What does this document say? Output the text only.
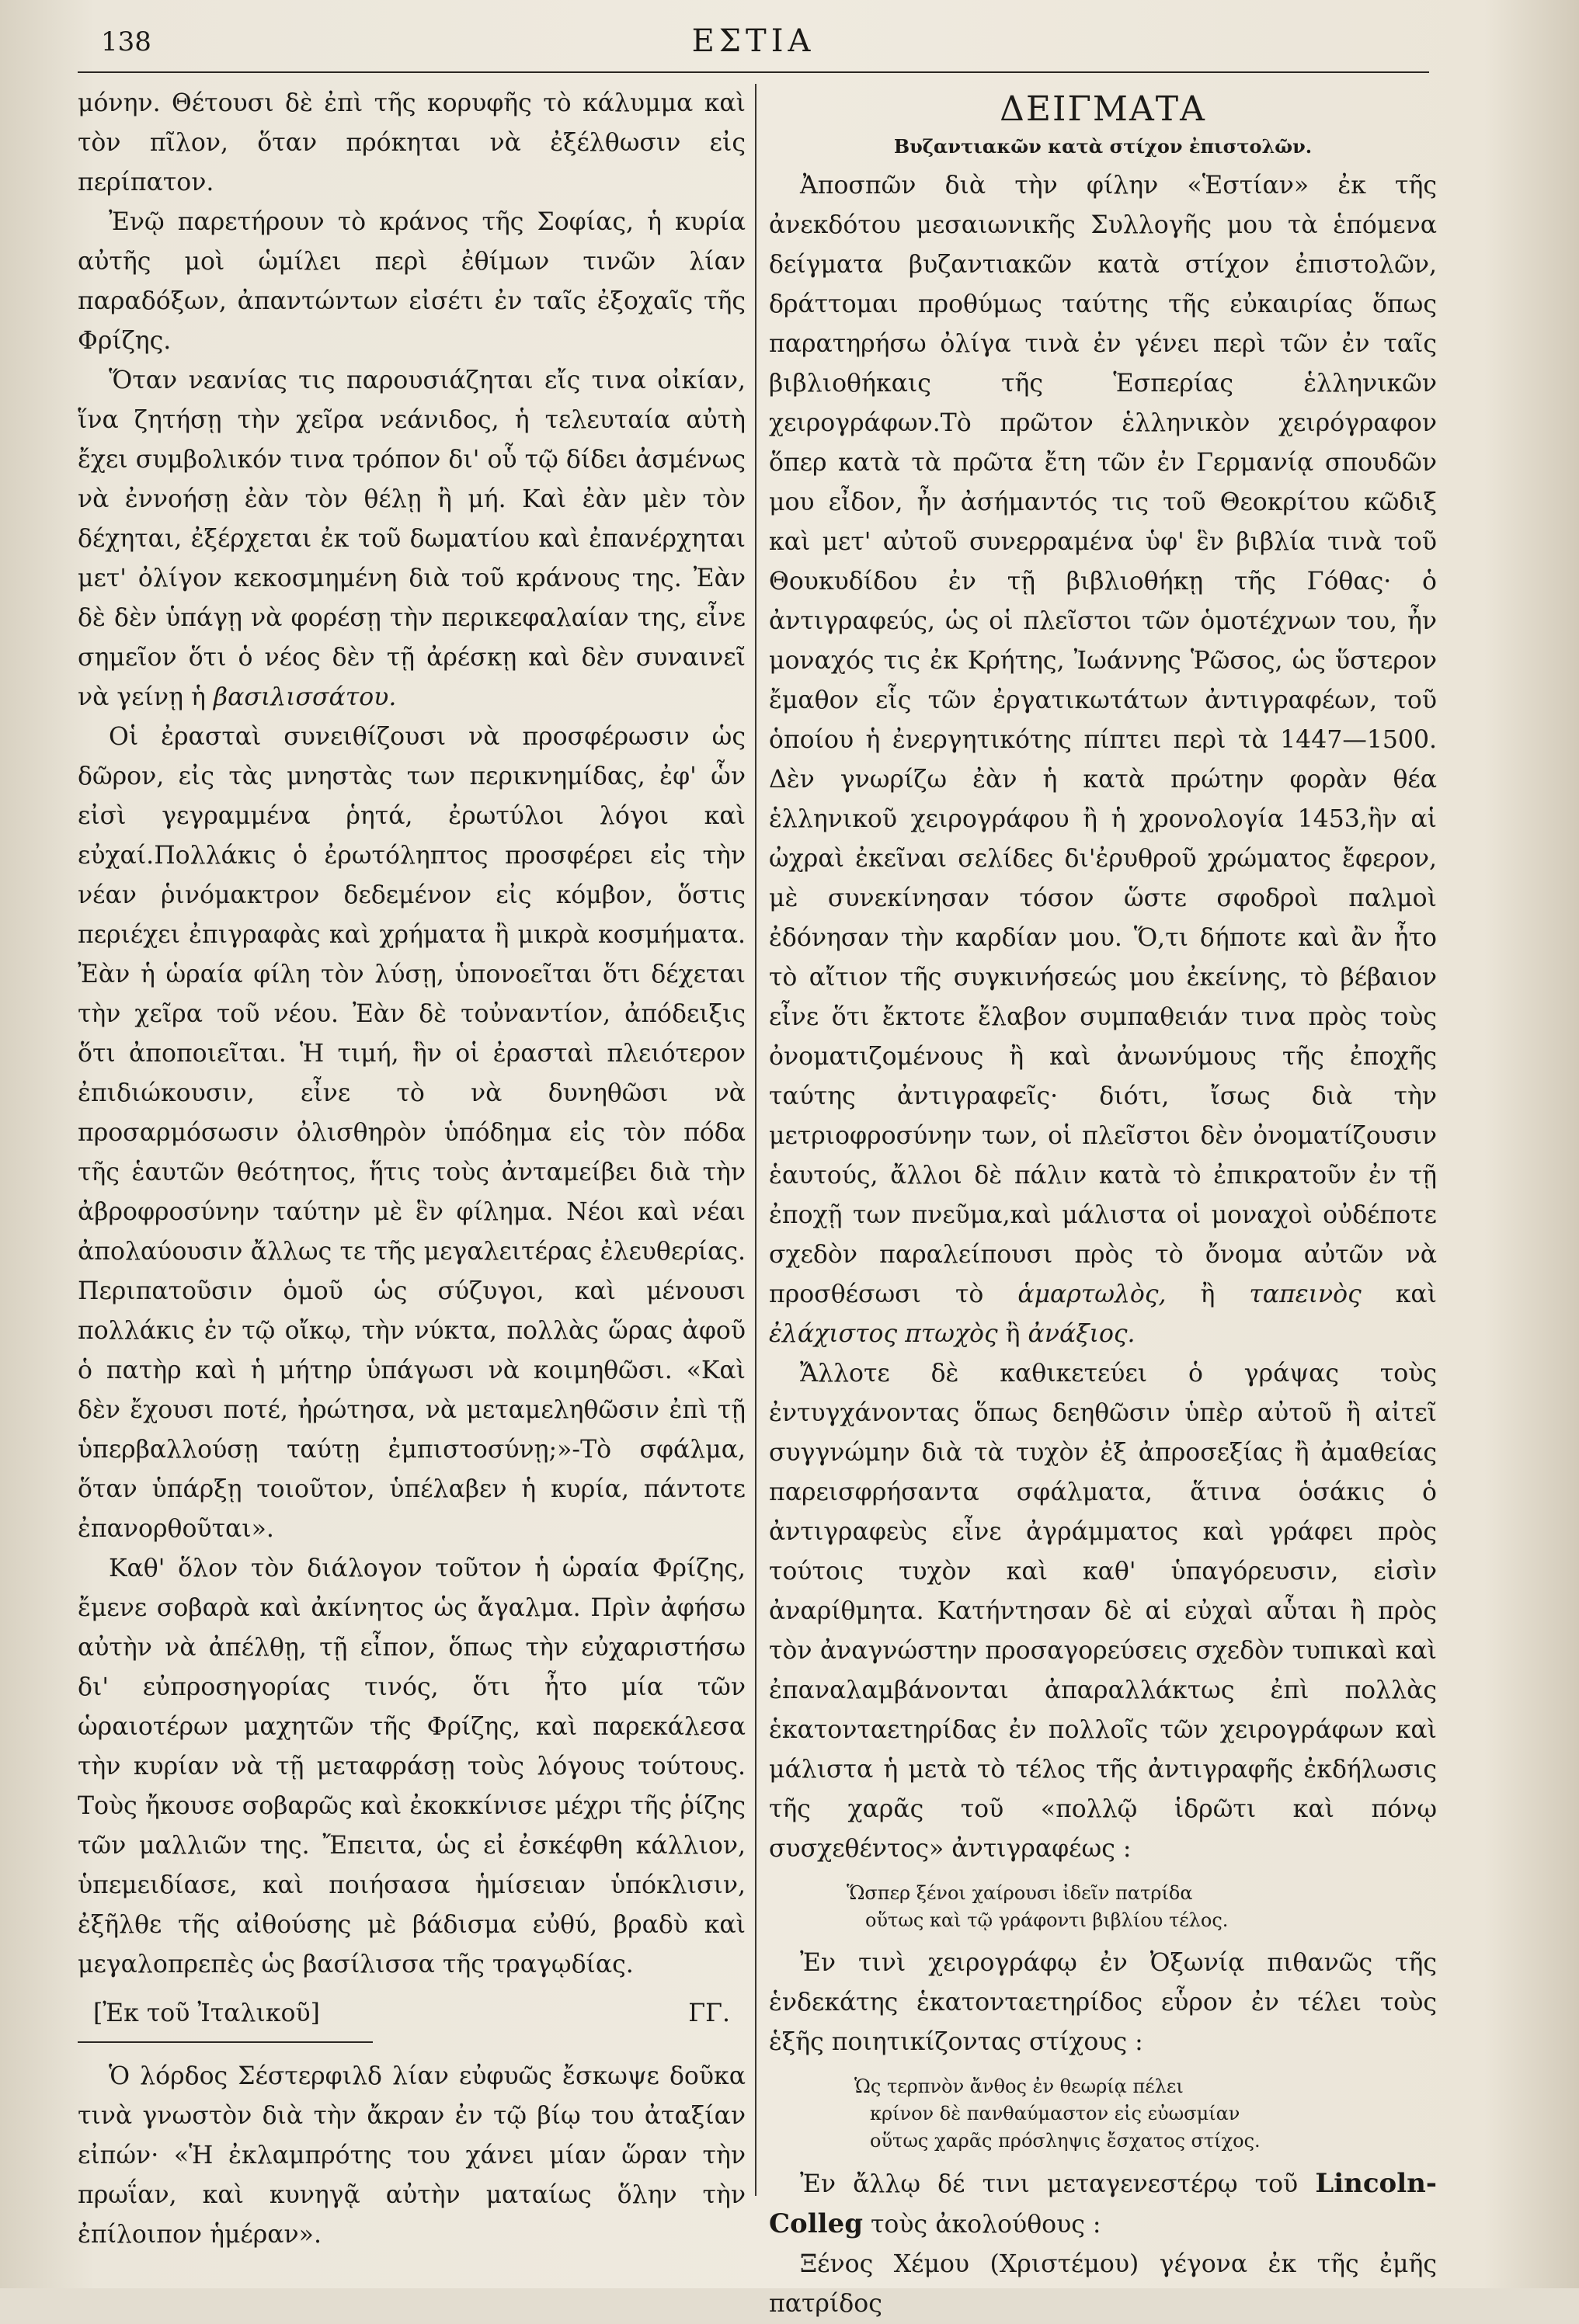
138	ΕΣΤΙΑ

μόνην. Θέτουσι δὲ ἐπὶ τῆς κορυφῆς τὸ κάλυμμα καὶ τὸν πῖλον, ὅταν πρόκηται νὰ ἐξέλθωσιν εἰς περίπατον.

Ἐνῷ παρετήρουν τὸ κράνος τῆς Σοφίας, ἡ κυρία αὐτῆς μοὶ ὡμίλει περὶ ἐθίμων τινῶν λίαν παραδόξων, ἀπαντώντων εἰσέτι ἐν ταῖς ἐξοχαῖς τῆς Φρίζης.

Ὅταν νεανίας τις παρουσιάζηται εἴς τινα οἰκίαν, ἵνα ζητήσῃ τὴν χεῖρα νεάνιδος, ἡ τελευταία αὐτὴ ἔχει συμβολικόν τινα τρόπον δι' οὗ τῷ δίδει ἀσμένως νὰ ἐννοήσῃ ἐὰν τὸν θέλῃ ἢ μή. Καὶ ἐὰν μὲν τὸν δέχηται, ἐξέρχεται ἐκ τοῦ δωματίου καὶ ἐπανέρχηται μετ' ὀλίγον κεκοσμημένη διὰ τοῦ κράνους της. Ἐὰν δὲ δὲν ὑπάγῃ νὰ φορέσῃ τὴν περικεφαλαίαν της, εἶνε σημεῖον ὅτι ὁ νέος δὲν τῇ ἀρέσκῃ καὶ δὲν συναινεῖ νὰ γείνῃ ἡ βασιλισσάτου.

Οἱ ἐρασταὶ συνειθίζουσι νὰ προσφέρωσιν ὡς δῶρον, εἰς τὰς μνηστὰς των περικνημίδας, ἐφ' ὧν εἰσὶ γεγραμμένα ῥητά, ἐρωτύλοι λόγοι καὶ εὐχαί.Πολλάκις ὁ ἐρωτόληπτος προσφέρει εἰς τὴν νέαν ῥινόμακτρον δεδεμένον εἰς κόμβον, ὅστις περιέχει ἐπιγραφὰς καὶ χρήματα ἢ μικρὰ κοσμήματα. Ἐὰν ἡ ὡραία φίλη τὸν λύσῃ, ὑπονοεῖται ὅτι δέχεται τὴν χεῖρα τοῦ νέου. Ἐὰν δὲ τοὐναντίον, ἀπόδειξις ὅτι ἀποποιεῖται. Ἡ τιμή, ἣν οἱ ἐρασταὶ πλειότερον ἐπιδιώκουσιν, εἶνε τὸ νὰ δυνηθῶσι νὰ προσαρμόσωσιν ὀλισθηρὸν ὑπόδημα εἰς τὸν πόδα τῆς ἑαυτῶν θεότητος, ἥτις τοὺς ἀνταμείβει διὰ τὴν ἀβροφροσύνην ταύτην μὲ ἓν φίλημα. Νέοι καὶ νέαι ἀπολαύουσιν ἄλλως τε τῆς μεγαλειτέρας ἐλευθερίας. Περιπατοῦσιν ὁμοῦ ὡς σύζυγοι, καὶ μένουσι πολλάκις ἐν τῷ οἴκῳ, τὴν νύκτα, πολλὰς ὥρας ἀφοῦ ὁ πατὴρ καὶ ἡ μήτηρ ὑπάγωσι νὰ κοιμηθῶσι. «Καὶ δὲν ἔχουσι ποτέ, ἠρώτησα, νὰ μεταμεληθῶσιν ἐπὶ τῇ ὑπερβαλλούσῃ ταύτῃ ἐμπιστοσύνῃ;»-Τὸ σφάλμα, ὅταν ὑπάρξῃ τοιοῦτον, ὑπέλαβεν ἡ κυρία, πάντοτε ἐπανορθοῦται».

Καθ' ὅλον τὸν διάλογον τοῦτον ἡ ὡραία Φρίζης, ἔμενε σοβαρὰ καὶ ἀκίνητος ὡς ἄγαλμα. Πρὶν ἀφήσω αὐτὴν νὰ ἀπέλθῃ, τῇ εἶπον, ὅπως τὴν εὐχαριστήσω δι' εὐπροσηγορίας τινός, ὅτι ἦτο μία τῶν ὡραιοτέρων μαχητῶν τῆς Φρίζης, καὶ παρεκάλεσα τὴν κυρίαν νὰ τῇ μεταφράσῃ τοὺς λόγους τούτους. Τοὺς ἤκουσε σοβαρῶς καὶ ἐκοκκίνισε μέχρι τῆς ῥίζης τῶν μαλλιῶν της. Ἔπειτα, ὡς εἰ ἐσκέφθη κάλλιον, ὑπεμειδίασε, καὶ ποιήσασα ἡμίσειαν ὑπόκλισιν, ἐξῆλθε τῆς αἰθούσης μὲ βάδισμα εὐθύ, βραδὺ καὶ μεγαλοπρεπὲς ὡς βασίλισσα τῆς τραγῳδίας.

[Ἐκ τοῦ Ἰταλικοῦ]	ΓΓ.

Ὁ λόρδος Σέστερφιλδ λίαν εὐφυῶς ἔσκωψε δοῦκα τινὰ γνωστὸν διὰ τὴν ἄκραν ἐν τῷ βίῳ του ἀταξίαν εἰπών· «Ἡ ἐκλαμπρότης του χάνει μίαν ὥραν τὴν πρωΐαν, καὶ κυνηγᾷ αὐτὴν ματαίως ὅλην τὴν ἐπίλοιπον ἡμέραν».

ΔΕΙΓΜΑΤΑ
Βυζαντιακῶν κατὰ στίχον ἐπιστολῶν.

Ἀποσπῶν διὰ τὴν φίλην «Ἑστίαν» ἐκ τῆς ἀνεκδότου μεσαιωνικῆς Συλλογῆς μου τὰ ἑπόμενα δείγματα βυζαντιακῶν κατὰ στίχον ἐπιστολῶν, δράττομαι προθύμως ταύτης τῆς εὐκαιρίας ὅπως παρατηρήσω ὀλίγα τινὰ ἐν γένει περὶ τῶν ἐν ταῖς βιβλιοθήκαις τῆς Ἑσπερίας ἑλληνικῶν χειρογράφων.Τὸ πρῶτον ἑλληνικὸν χειρόγραφον ὅπερ κατὰ τὰ πρῶτα ἔτη τῶν ἐν Γερμανίᾳ σπουδῶν μου εἶδον, ἦν ἀσήμαντός τις τοῦ Θεοκρίτου κῶδιξ καὶ μετ' αὐτοῦ συνερραμένα ὑφ' ἓν βιβλία τινὰ τοῦ Θουκυδίδου ἐν τῇ βιβλιοθήκῃ τῆς Γόθας· ὁ ἀντιγραφεύς, ὡς οἱ πλεῖστοι τῶν ὁμοτέχνων του, ἦν μοναχός τις ἐκ Κρήτης, Ἰωάννης Ῥῶσος, ὡς ὕστερον ἔμαθον εἷς τῶν ἐργατικωτάτων ἀντιγραφέων, τοῦ ὁποίου ἡ ἐνεργητικότης πίπτει περὶ τὰ 1447—1500. Δὲν γνωρίζω ἐὰν ἡ κατὰ πρώτην φορὰν θέα ἑλληνικοῦ χειρογράφου ἢ ἡ χρονολογία 1453,ἣν αἱ ὠχραὶ ἐκεῖναι σελίδες δι'ἐρυθροῦ χρώματος ἔφερον, μὲ συνεκίνησαν τόσον ὥστε σφοδροὶ παλμοὶ ἐδόνησαν τὴν καρδίαν μου. Ὅ,τι δήποτε καὶ ἂν ἦτο τὸ αἴτιον τῆς συγκινήσεώς μου ἐκείνης, τὸ βέβαιον εἶνε ὅτι ἔκτοτε ἔλαβον συμπαθειάν τινα πρὸς τοὺς ὀνοματιζομένους ἢ καὶ ἀνωνύμους τῆς ἐποχῆς ταύτης ἀντιγραφεῖς· διότι, ἴσως διὰ τὴν μετριοφροσύνην των, οἱ πλεῖστοι δὲν ὀνοματίζουσιν ἑαυτούς, ἄλλοι δὲ πάλιν κατὰ τὸ ἐπικρατοῦν ἐν τῇ ἐποχῇ των πνεῦμα,καὶ μάλιστα οἱ μοναχοὶ οὐδέποτε σχεδὸν παραλείπουσι πρὸς τὸ ὄνομα αὐτῶν νὰ προσθέσωσι τὸ ἁμαρτωλὸς, ἢ ταπεινὸς καὶ ἐλάχιστος πτωχὸς ἢ ἀνάξιος.

Ἄλλοτε δὲ καθικετεύει ὁ γράψας τοὺς ἐντυγχάνοντας ὅπως δεηθῶσιν ὑπὲρ αὐτοῦ ἢ αἰτεῖ συγγνώμην διὰ τὰ τυχὸν ἐξ ἀπροσεξίας ἢ ἀμαθείας παρεισφρήσαντα σφάλματα, ἅτινα ὁσάκις ὁ ἀντιγραφεὺς εἶνε ἀγράμματος καὶ γράφει πρὸς τούτοις τυχὸν καὶ καθ' ὑπαγόρευσιν, εἰσὶν ἀναρίθμητα. Κατήντησαν δὲ αἱ εὐχαὶ αὗται ἢ πρὸς τὸν ἀναγνώστην προσαγορεύσεις σχεδὸν τυπικαὶ καὶ ἐπαναλαμβάνονται ἀπαραλλάκτως ἐπὶ πολλὰς ἑκατονταετηρίδας ἐν πολλοῖς τῶν χειρογράφων καὶ μάλιστα ἡ μετὰ τὸ τέλος τῆς ἀντιγραφῆς ἐκδήλωσις τῆς χαρᾶς τοῦ «πολλῷ ἱδρῶτι καὶ πόνῳ συσχεθέντος» ἀντιγραφέως :

Ὥσπερ ξένοι χαίρουσι ἰδεῖν πατρίδα
οὕτως καὶ τῷ γράφοντι βιβλίου τέλος.

Ἐν τινὶ χειρογράφῳ ἐν Ὀξωνίᾳ πιθανῶς τῆς ἑνδεκάτης ἑκατονταετηρίδος εὗρον ἐν τέλει τοὺς ἑξῆς ποιητικίζοντας στίχους :

Ὡς τερπνὸν ἄνθος ἐν θεωρίᾳ πέλει
κρίνον δὲ πανθαύμαστον εἰς εὐωσμίαν
οὕτως χαρᾶς πρόσληψις ἔσχατος στίχος.

Ἐν ἄλλῳ δέ τινι μεταγενεστέρῳ τοῦ Lincoln-Colleg τοὺς ἀκολούθους :

Ξένος Χέμου (Χριστέμου) γέγονα ἐκ τῆς ἐμῆς πατρίδος
